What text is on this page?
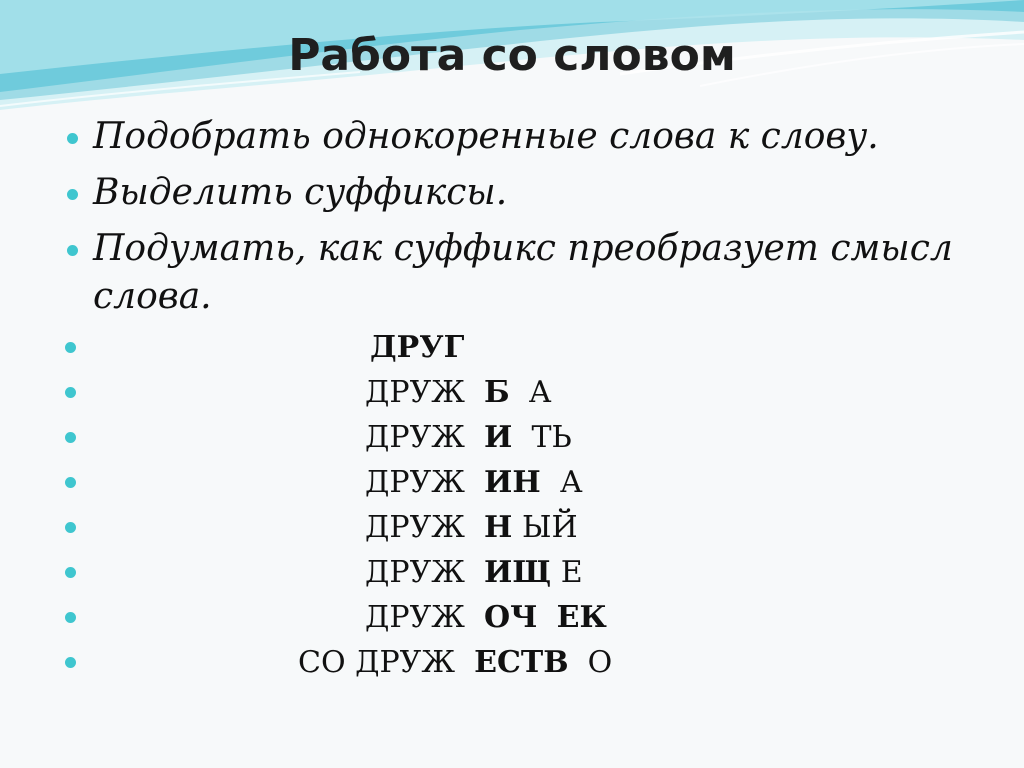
Работа со словом
Подобрать однокоренные слова к слову.
Выделить суффиксы.
Подумать, как суффикс преобразует смысл
слова.
ДРУГ
ДРУЖ Б А
ДРУЖ И ТЬ
ДРУЖ ИН А
ДРУЖ Н ЫЙ
ДРУЖ ИЩ Е
ДРУЖ ОЧ ЕК
СО ДРУЖ ЕСТВ О
